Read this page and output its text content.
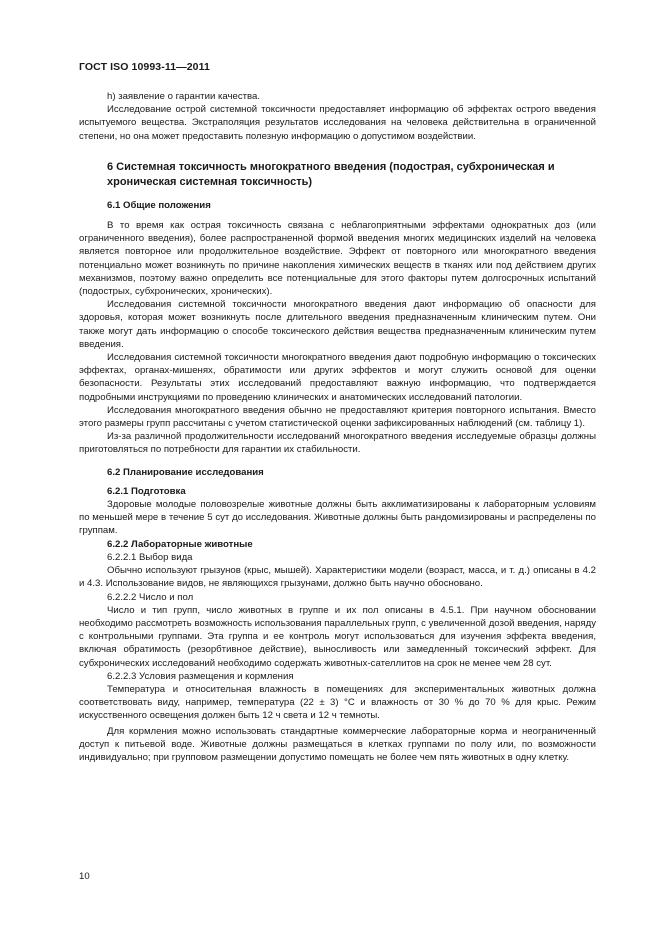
ГОСТ ISO 10993-11—2011

h) заявление о гарантии качества.

Исследование острой системной токсичности предоставляет информацию об эффектах острого введения испытуемого вещества. Экстраполяция результатов исследования на человека действительна в ограниченной степени, но она может предоставить полезную информацию о допустимом воздействии.

6 Системная токсичность многократного введения (подострая, субхроническая и хроническая системная токсичность)

6.1 Общие положения

В то время как острая токсичность связана с неблагоприятными эффектами однократных доз (или ограниченного введения), более распространенной формой введения многих медицинских изделий на человека является повторное или продолжительное воздействие. Эффект от повторного или многократного введения потенциально может возникнуть по причине накопления химических веществ в тканях или под действием других механизмов, поэтому важно определить все потенциальные для этого факторы путем долгосрочных испытаний (подострых, субхронических, хронических).

Исследования системной токсичности многократного введения дают информацию об опасности для здоровья, которая может возникнуть после длительного введения предназначенным клиническим путем. Они также могут дать информацию о способе токсического действия вещества предназначенным клиническим путем введения.

Исследования системной токсичности многократного введения дают подробную информацию о токсических эффектах, органах-мишенях, обратимости или других эффектов и могут служить основой для оценки безопасности. Результаты этих исследований предоставляют важную информацию, что подтверждается подробными инструкциями по проведению клинических и анатомических исследований патологии.

Исследования многократного введения обычно не предоставляют критерия повторного испытания. Вместо этого размеры групп рассчитаны с учетом статистической оценки зафиксированных наблюдений (см. таблицу 1).

Из-за различной продолжительности исследований многократного введения исследуемые образцы должны приготовляться по потребности для гарантии их стабильности.

6.2 Планирование исследования

6.2.1 Подготовка

Здоровые молодые половозрелые животные должны быть акклиматизированы к лабораторным условиям по меньшей мере в течение 5 сут до исследования. Животные должны быть рандомизированы и распределены по группам.

6.2.2 Лабораторные животные

6.2.2.1 Выбор вида

Обычно используют грызунов (крыс, мышей). Характеристики модели (возраст, масса, и т. д.) описаны в 4.2 и 4.3. Использование видов, не являющихся грызунами, должно быть научно обосновано.

6.2.2.2 Число и пол

Число и тип групп, число животных в группе и их пол описаны в 4.5.1. При научном обосновании необходимо рассмотреть возможность использования параллельных групп, с увеличенной дозой введения, наряду с контрольными группами. Эта группа и ее контроль могут использоваться для изучения эффекта введения, включая обратимость (резорбтивное действие), выносливость или замедленный токсический эффект. Для субхронических исследований необходимо содержать животных-сателлитов на срок не менее чем 28 сут.

6.2.2.3 Условия размещения и кормления

Температура и относительная влажность в помещениях для экспериментальных животных должна соответствовать виду, например, температура (22 ± 3) °С и влажность от 30 % до 70 % для крыс. Режим искусственного освещения должен быть 12 ч света и 12 ч темноты.

Для кормления можно использовать стандартные коммерческие лабораторные корма и неограниченный доступ к питьевой воде. Животные должны размещаться в клетках группами по полу или, по возможности индивидуально; при групповом размещении допустимо помещать не более чем пять животных в одну клетку.

10
